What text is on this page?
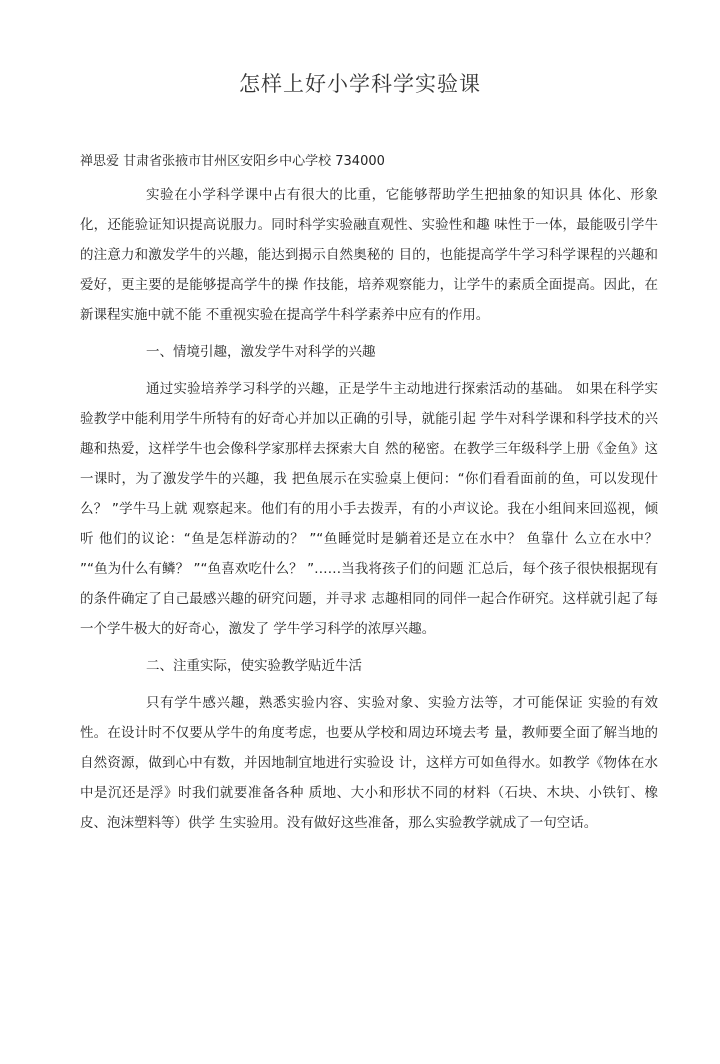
怎样上好小学科学实验课

禅思爱 甘肃省张掖市甘州区安阳乡中心学校 734000

实验在小学科学课中占有很大的比重，它能够帮助学生把抽象的知识具 体化、形象化，还能验证知识提高说服力。同时科学实验融直观性、实验性和趣 味性于一体，最能吸引学牛的注意力和激发学牛的兴趣，能达到揭示自然奥秘的 目的，也能提高学牛学习科学课程的兴趣和爱好，更主要的是能够提高学牛的操 作技能，培养观察能力，让学牛的素质全面提高。因此，在新课程实施中就不能 不重视实验在提高学牛科学素养中应有的作用。

一、情境引趣，激发学牛对科学的兴趣

通过实验培养学习科学的兴趣，正是学牛主动地进行探索活动的基础。 如果在科学实验教学中能利用学牛所特有的好奇心并加以正确的引导，就能引起 学牛对科学课和科学技术的兴趣和热爱，这样学牛也会像科学家那样去探索大自 然的秘密。在教学三年级科学上册《金鱼》这一课时，为了激发学牛的兴趣，我 把鱼展示在实验桌上便问：“你们看看面前的鱼，可以发现什么？ ”学牛马上就 观察起来。他们有的用小手去拨弄，有的小声议论。我在小组间来回巡视，倾听 他们的议论：“鱼是怎样游动的？ ”“鱼睡觉时是躺着还是立在水中？ 鱼靠什 么立在水中？ ”“鱼为什么有鳞？ ”“鱼喜欢吃什么？ ”……当我将孩子们的问题 汇总后，每个孩子很快根据现有的条件确定了自己最感兴趣的研究问题，并寻求 志趣相同的同伴一起合作研究。这样就引起了每一个学牛极大的好奇心，激发了 学牛学习科学的浓厚兴趣。

二、注重实际，使实验教学贴近牛活

只有学牛感兴趣，熟悉实验内容、实验对象、实验方法等，才可能保证 实验的有效性。在设计时不仅要从学牛的角度考虑，也要从学校和周边环境去考 量，教师要全面了解当地的自然资源，做到心中有数，并因地制宜地进行实验设 计，这样方可如鱼得水。如教学《物体在水中是沉还是浮》时我们就要准备各种 质地、大小和形状不同的材料（石块、木块、小铁钉、橡皮、泡沫塑料等）供学 生实验用。没有做好这些准备，那么实验教学就成了一句空话。
